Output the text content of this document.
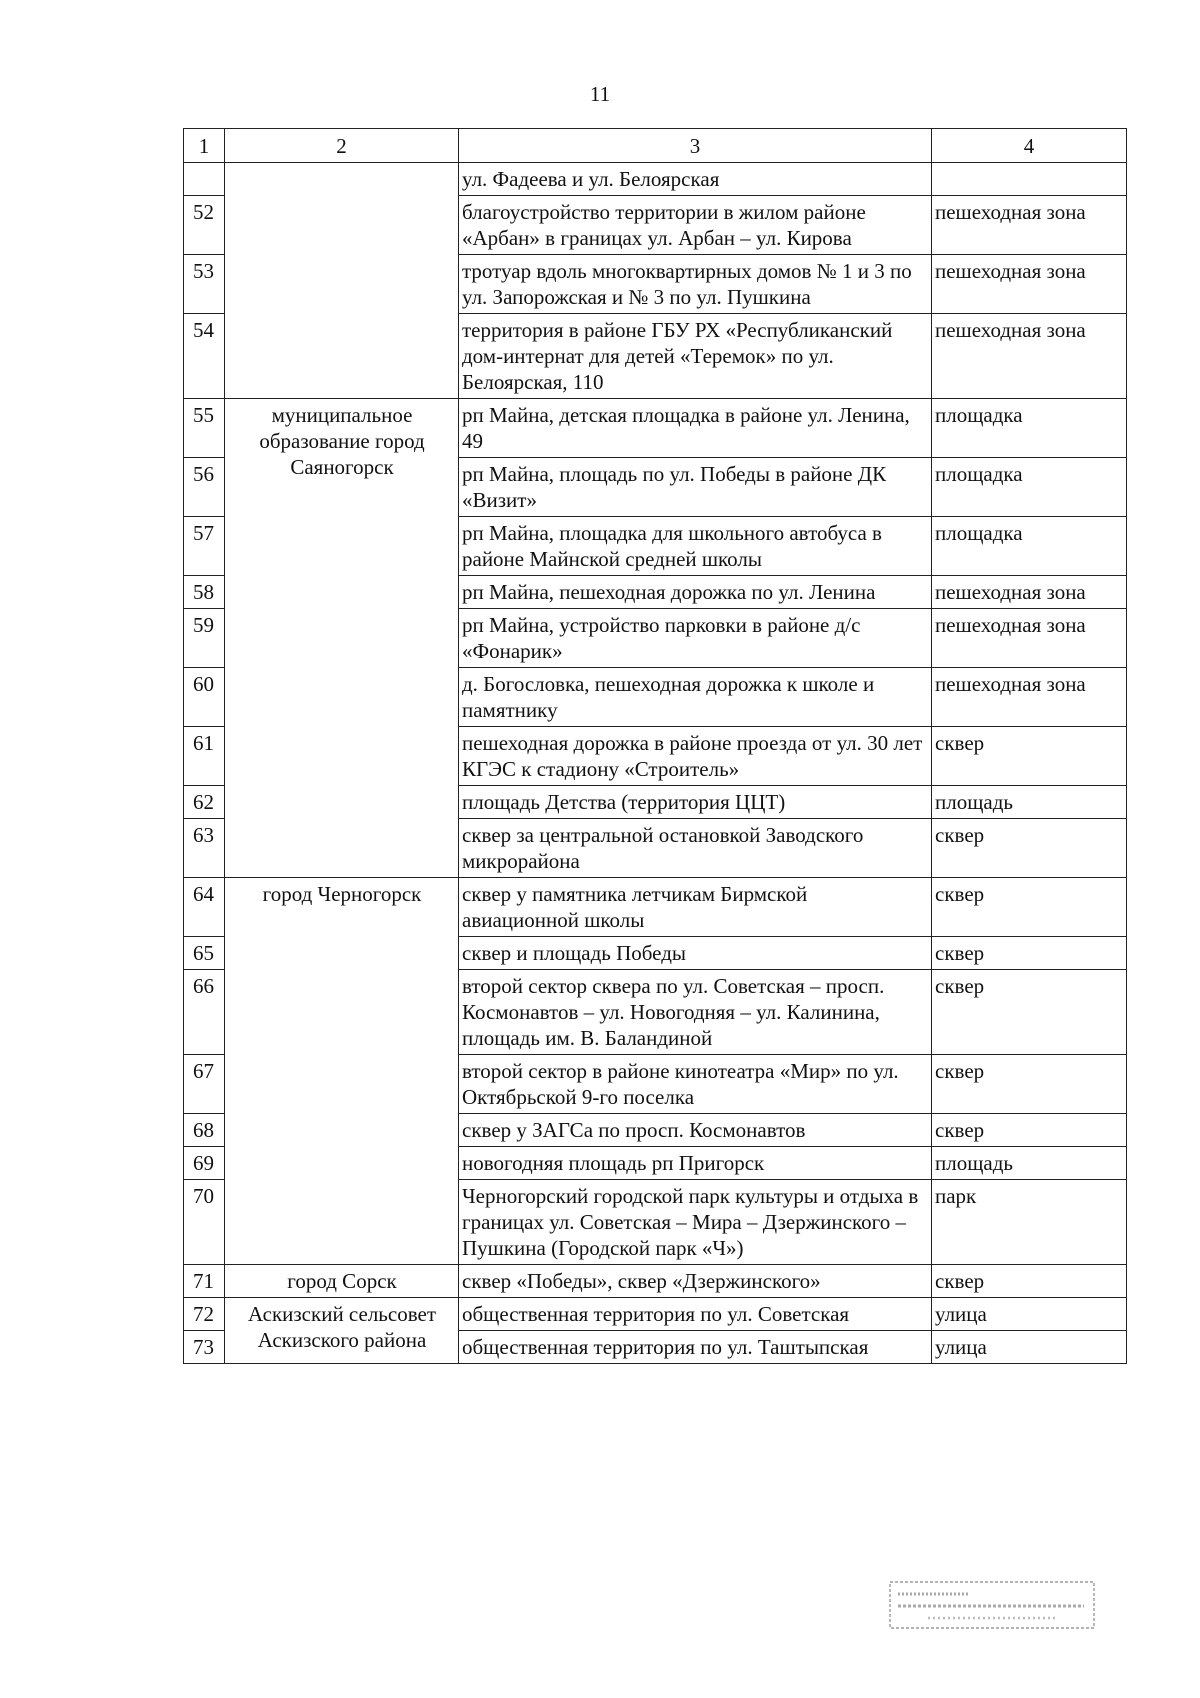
11
1	2	3	4
		ул. Фадеева и ул. Белоярская	
52		благоустройство территории в жилом районе «Арбан» в границах ул. Арбан – ул. Кирова	пешеходная зона
53		тротуар вдоль многоквартирных домов № 1 и 3 по ул. Запорожская и № 3 по ул. Пушкина	пешеходная зона
54		территория в районе ГБУ РХ «Республиканский дом-интернат для детей «Теремок» по ул. Белоярская, 110	пешеходная зона
55	муниципальное образование город Саяногорск	рп Майна, детская площадка в районе ул. Ленина, 49	площадка
56		рп Майна, площадь по ул. Победы в районе ДК «Визит»	площадка
57		рп Майна, площадка для школьного автобуса в районе Майнской средней школы	площадка
58		рп Майна, пешеходная дорожка по ул. Ленина	пешеходная зона
59		рп Майна, устройство парковки в районе д/с «Фонарик»	пешеходная зона
60		д. Богословка, пешеходная дорожка к школе и памятнику	пешеходная зона
61		пешеходная дорожка в районе проезда от ул. 30 лет КГЭС к стадиону «Строитель»	сквер
62		площадь Детства (территория ЦЦТ)	площадь
63		сквер за центральной остановкой Заводского микрорайона	сквер
64	город Черногорск	сквер у памятника летчикам Бирмской авиационной школы	сквер
65		сквер и площадь Победы	сквер
66		второй сектор сквера по ул. Советская – просп. Космонавтов – ул. Новогодняя – ул. Калинина, площадь им. В. Баландиной	сквер
67		второй сектор в районе кинотеатра «Мир» по ул. Октябрьской 9-го поселка	сквер
68		сквер у ЗАГСа по просп. Космонавтов	сквер
69		новогодняя площадь рп Пригорск	площадь
70		Черногорский городской парк культуры и отдыха в границах ул. Советская – Мира – Дзержинского – Пушкина (Городской парк «Ч»)	парк
71	город Сорск	сквер «Победы», сквер «Дзержинского»	сквер
72	Аскизский сельсовет Аскизского района	общественная территория по ул. Советская	улица
73		общественная территория по ул. Таштыпская	улица
